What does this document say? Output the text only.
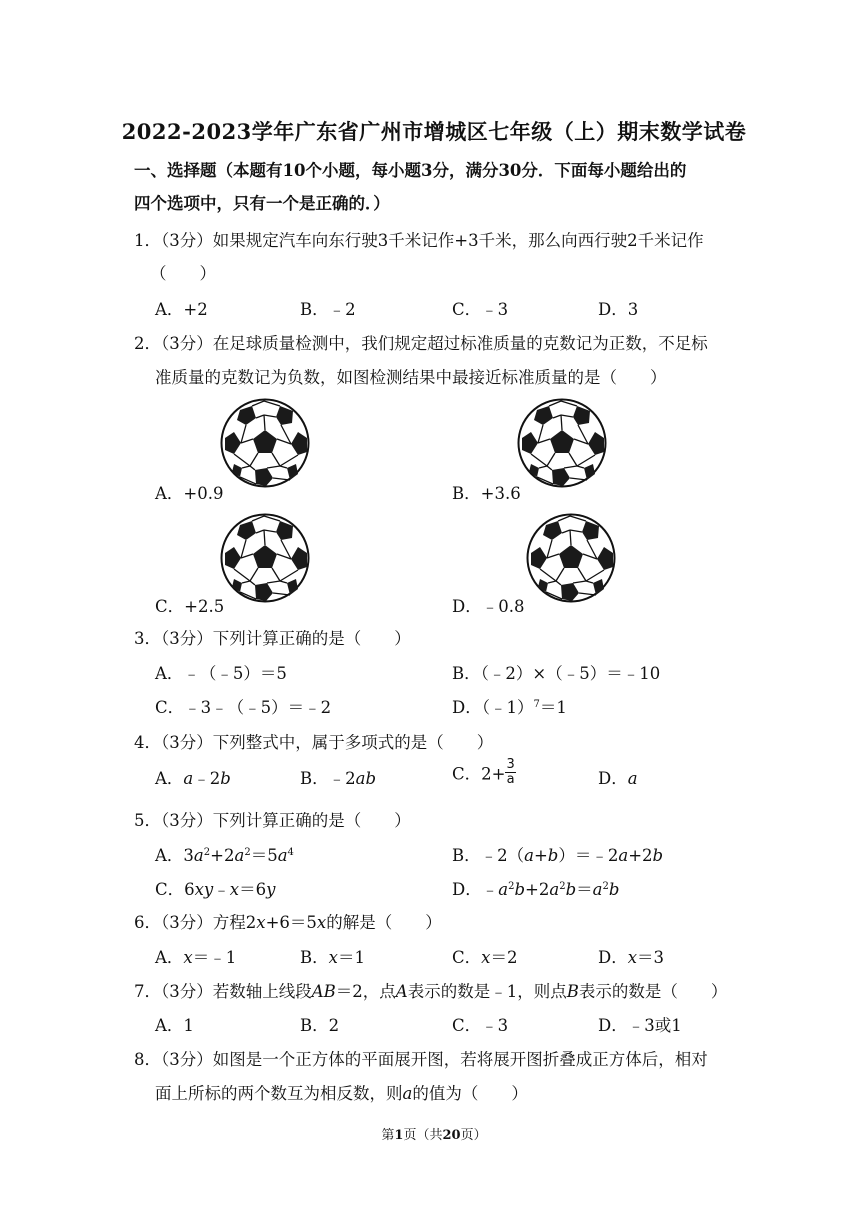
2022-2023学年广东省广州市增城区七年级（上）期末数学试卷
一、选择题（本题有10个小题，每小题3分，满分30分．下面每小题给出的
四个选项中，只有一个是正确的．）
1．（3分）如果规定汽车向东行驶3千米记作+3千米，那么向西行驶2千米记作
（　　）
A．+2	B．﹣2	C．﹣3	D．3
2．（3分）在足球质量检测中，我们规定超过标准质量的克数记为正数，不足标
准质量的克数记为负数，如图检测结果中最接近标准质量的是（　　）
A．+0.9	B．+3.6
C．+2.5	D．﹣0.8
3．（3分）下列计算正确的是（　　）
A．﹣（﹣5）＝5	B．（﹣2）×（﹣5）＝﹣10
C．﹣3﹣（﹣5）＝﹣2	D．（﹣1）$^7$＝1
4．（3分）下列整式中，属于多项式的是（　　）
A．a﹣2b	B．﹣2ab	C．$2+ \frac{3}{a}$	D．a
5．（3分）下列计算正确的是（　　）
A．$3a^2+2a^2=5a^4$	B．﹣2（a+b）＝﹣2a+2b
C．6xy﹣x＝6y	D．$﹣a^2b+2a^2b=a^2b$
6．（3分）方程2x+6＝5x的解是（　　）
A．x＝﹣1	B．x＝1	C．x＝2	D．x＝3
7．（3分）若数轴上线段AB＝2，点A表示的数是﹣1，则点B表示的数是（　　）
A．1	B．2	C．﹣3	D．﹣3或1
8．（3分）如图是一个正方体的平面展开图，若将展开图折叠成正方体后，相对
面上所标的两个数互为相反数，则a的值为（　　）
第1页（共20页）
